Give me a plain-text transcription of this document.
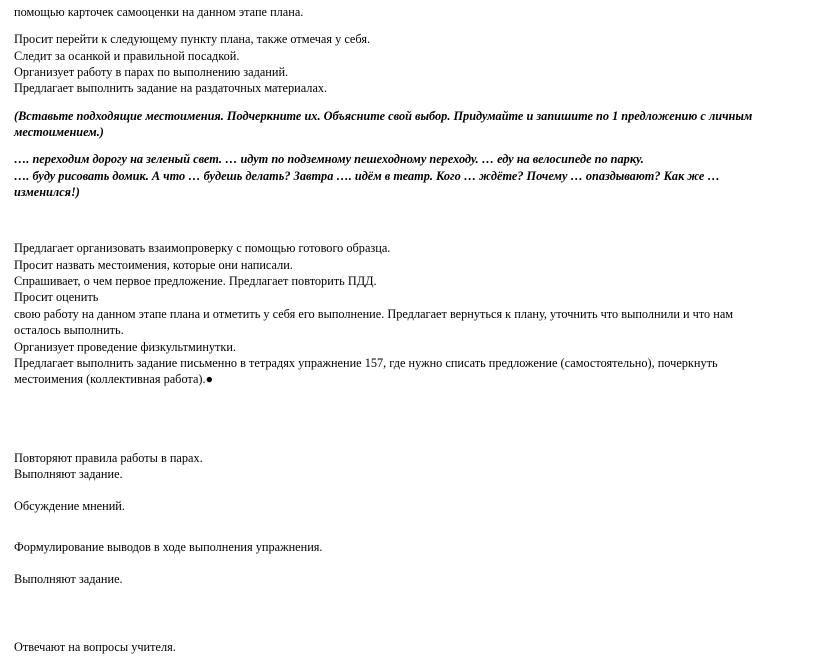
помощью карточек самооценки на данном этапе плана.

Просит перейти к следующему пункту плана, также отмечая у себя.

Следит за осанкой и правильной посадкой.

Организует работу в парах по выполнению заданий.

Предлагает выполнить задание на раздаточных материалах.

(Вставьте подходящие местоимения. Подчеркните их. Объясните свой выбор. Придумайте и запишите по 1 предложению с личным

местоимением.)

…. переходим дорогу на зеленый свет. … идут по подземному пешеходному переходу. … еду на велосипеде по парку.

…. буду рисовать домик. А что … будешь делать? Завтра …. идём в театр. Кого … ждёте? Почему … опаздывают? Как же …

изменился!)

Предлагает организовать взаимопроверку с помощью готового образца.

Просит назвать местоимения, которые они написали.

Спрашивает, о чем первое предложение. Предлагает повторить ПДД.

Просит оценить

свою работу на данном этапе плана и отметить у себя его выполнение. Предлагает вернуться к плану, уточнить что выполнили и что нам

осталось выполнить.

Организует проведение физкультминутки.

Предлагает выполнить задание письменно в тетрадях упражнение 157, где нужно списать предложение (самостоятельно), почеркнуть

местоимения (коллективная работа).●

Повторяют правила работы в парах.

Выполняют задание.

Обсуждение мнений.

Формулирование выводов в ходе выполнения упражнения.

Выполняют задание.

Отвечают на вопросы учителя.
